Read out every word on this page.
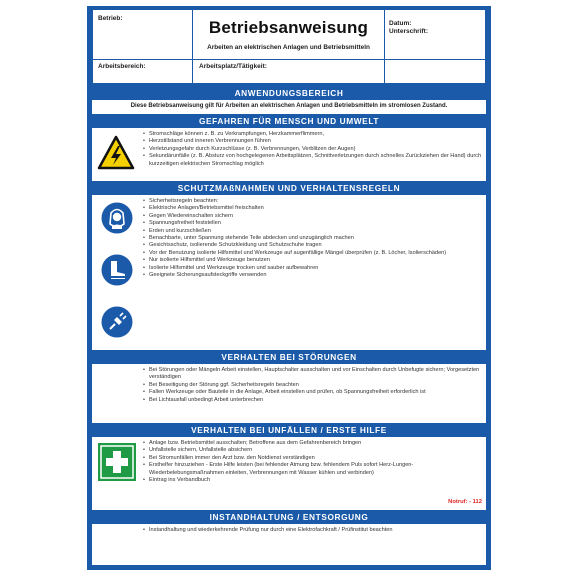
Betrieb:	Betriebsanweisung
Arbeiten an elektrischen Anlagen und Betriebsmitteln
Datum:
Unterschrift:
Arbeitsbereich:	Arbeitsplatz/Tätigkeit:
ANWENDUNGSBEREICH
Diese Betriebsanweisung gilt für Arbeiten an elektrischen Anlagen und Betriebsmitteln im stromlosen Zustand.
GEFAHREN FÜR MENSCH UND UMWELT
• Stromschläge können z. B. zu Verkrampfungen, Herzkammerflimmern,
• Herzstillstand und inneren Verbrennungen führen
• Verletzungsgefahr durch Kurzschlüsse (z. B. Verbrennungen, Verblitzen der Augen)
• Sekundärunfälle (z. B. Absturz von hochgelegenen Arbeitsplätzen, Schnittverletzungen durch schnelles Zurückziehen der Hand) durch kurzzeitigen elektrischen Stromschlag möglich
SCHUTZMAßNAHMEN UND VERHALTENSREGELN
• Sicherheitsregeln beachten:
• Elektrische Anlagen/Betriebsmittel freischalten
• Gegen Wiedereinschalten sichern
• Spannungsfreiheit feststellen
• Erden und kurzschließen
• Benachbarte, unter Spannung stehende Teile abdecken und unzugänglich machen
• Gesichtsschutz, isolierende Schutzkleidung und Schutzschuhe tragen
• Vor der Benutzung isolierte Hilfsmittel und Werkzeuge auf augenfällige Mängel überprüfen (z. B. Löcher, Isolierschäden)
• Nur isolierte Hilfsmittel und Werkzeuge benutzen
• Isolierte Hilfsmittel und Werkzeuge trocken und sauber aufbewahren
• Geeignete Sicherungsaufsteckgriffe verwenden
VERHALTEN BEI STÖRUNGEN
• Bei Störungen oder Mängeln Arbeit einstellen, Hauptschalter ausschalten und vor Einschalten durch Unbefugte sichern; Vorgesetzten verständigen
• Bei Beseitigung der Störung ggf. Sicherheitsregeln beachten
• Fallen Werkzeuge oder Bauteile in die Anlage, Arbeit einstellen und prüfen, ob Spannungsfreiheit erforderlich ist
• Bei Lichtausfall unbedingt Arbeit unterbrechen
VERHALTEN BEI UNFÄLLEN / ERSTE HILFE
• Anlage bzw. Betriebsmittel ausschalten; Betroffene aus dem Gefahrenbereich bringen
• Unfallstelle sichern, Unfallstelle absichern
• Bei Stromunfällen immer den Arzt bzw. den Notdienst verständigen
• Ersthelfer hinzuziehen - Erste Hilfe leisten (bei fehlender Atmung bzw. fehlendem Puls sofort Herz-Lungen-Wiederbelebungsmaßnahmen einleiten, Verbrennungen mit Wasser kühlen und verbinden)
• Eintrag ins Verbandbuch
Notruf: - 112
INSTANDHALTUNG / ENTSORGUNG
• Instandhaltung und wiederkehrende Prüfung nur durch eine Elektrofachkraft / Prüfinstitut beachten
